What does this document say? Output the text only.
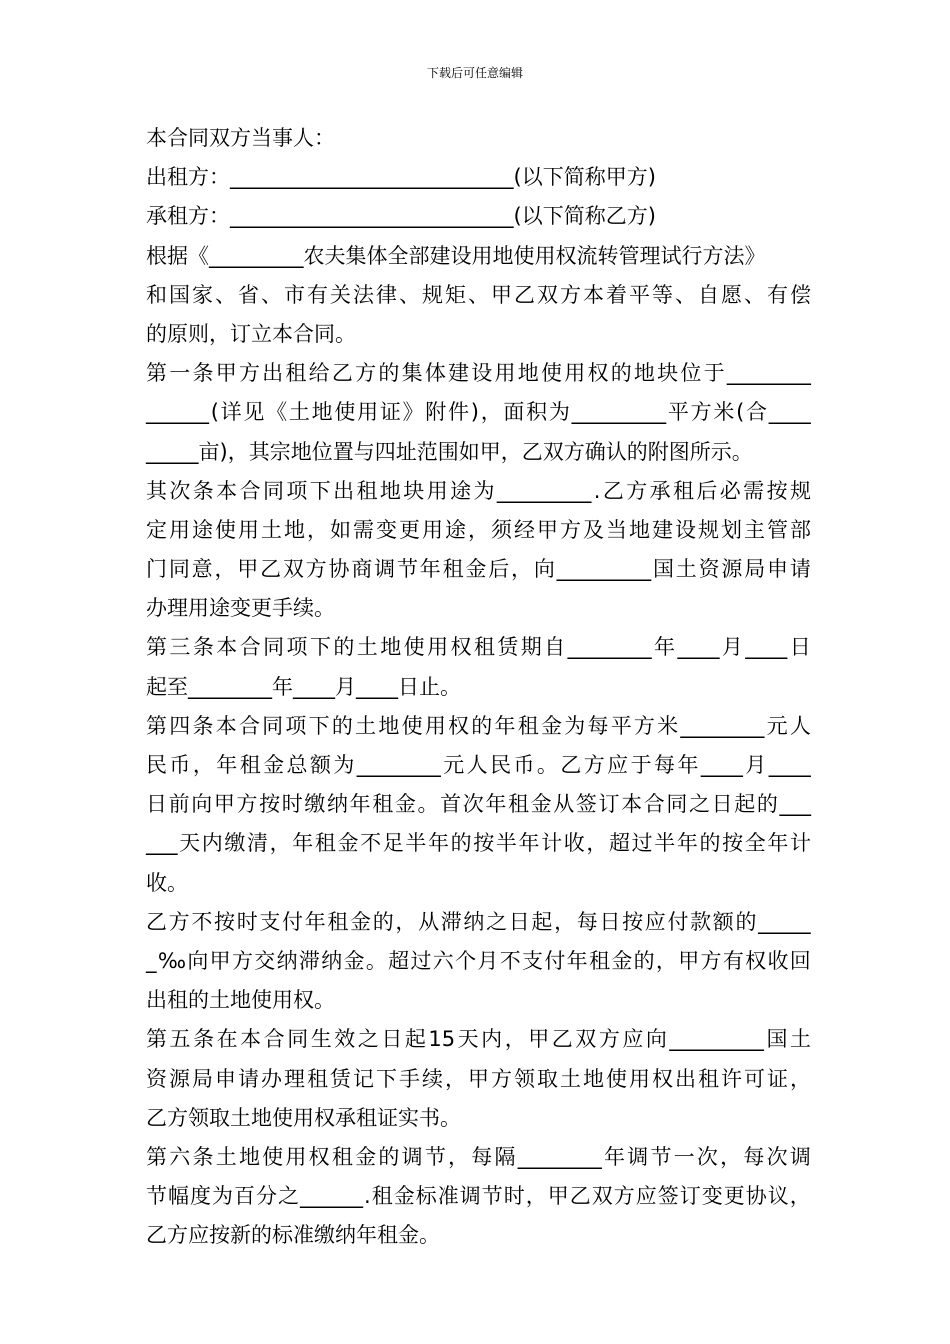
下载后可任意编辑
本合同双方当事人：
出租方：___________________________(以下简称甲方)
承租方：___________________________(以下简称乙方)
根据《_________农夫集体全部建设用地使用权流转管理试行方法》
和 国 家 、 省 、 市 有 关 法 律 、 规 矩 、 甲 乙 双 方 本 着 平 等 、 自 愿 、 有 偿
的原则，订立本合同。
第 一 条 甲 方 出 租 给 乙 方 的 集 体 建 设 用 地 使 用 权 的 地 块 位 于 ________
______ ( 详 见 《 土 地 使 用 证 》 附 件 ) ， 面 积 为 _________ 平 方 米 ( 合 ____
_____亩)，其宗地位置与四址范围如甲，乙双方确认的附图所示。
其 次 条 本 合 同 项 下 出 租 地 块 用 途 为 _________ . 乙 方 承 租 后 必 需 按 规
定 用 途 使 用 土 地 ， 如 需 变 更 用 途 ， 须 经 甲 方 及 当 地 建 设 规 划 主 管 部
门 同 意 ， 甲 乙 双 方 协 商 调 节 年 租 金 后 ， 向 _________ 国 土 资 源 局 申 请
办理用途变更手续。
第 三 条 本 合 同 项 下 的 土 地 使 用 权 租 赁 期 自 ________ 年 ____ 月 ____ 日
起至________年____月____日止。
第 四 条 本 合 同 项 下 的 土 地 使 用 权 的 年 租 金 为 每 平 方 米 ________ 元 人
民 币 ， 年 租 金 总 额 为 ________ 元 人 民 币 。 乙 方 应 于 每 年 ____ 月 ____
日 前 向 甲 方 按 时 缴 纳 年 租 金 。 首 次 年 租 金 从 签 订 本 合 同 之 日 起 的 ___
___ 天 内 缴 清 ， 年 租 金 不 足 半 年 的 按 半 年 计 收 ， 超 过 半 年 的 按 全 年 计
收。
乙 方 不 按 时 支 付 年 租 金 的 ， 从 滞 纳 之 日 起 ， 每 日 按 应 付 款 额 的 _____
_ ‰ 向 甲 方 交 纳 滞 纳 金 。 超 过 六 个 月 不 支 付 年 租 金 的 ， 甲 方 有 权 收 回
出租的土地使用权。
第 五 条 在 本 合 同 生 效 之 日 起 15 天 内 ， 甲 乙 双 方 应 向 _________ 国 土
资 源 局 申 请 办 理 租 赁 记 下 手 续 ， 甲 方 领 取 土 地 使 用 权 出 租 许 可 证 ，
乙方领取土地使用权承租证实书。
第 六 条 土 地 使 用 权 租 金 的 调 节 ， 每 隔 ________ 年 调 节 一 次 ， 每 次 调
节 幅 度 为 百 分 之 ______ . 租 金 标 准 调 节 时 ， 甲 乙 双 方 应 签 订 变 更 协 议 ，
乙方应按新的标准缴纳年租金。
